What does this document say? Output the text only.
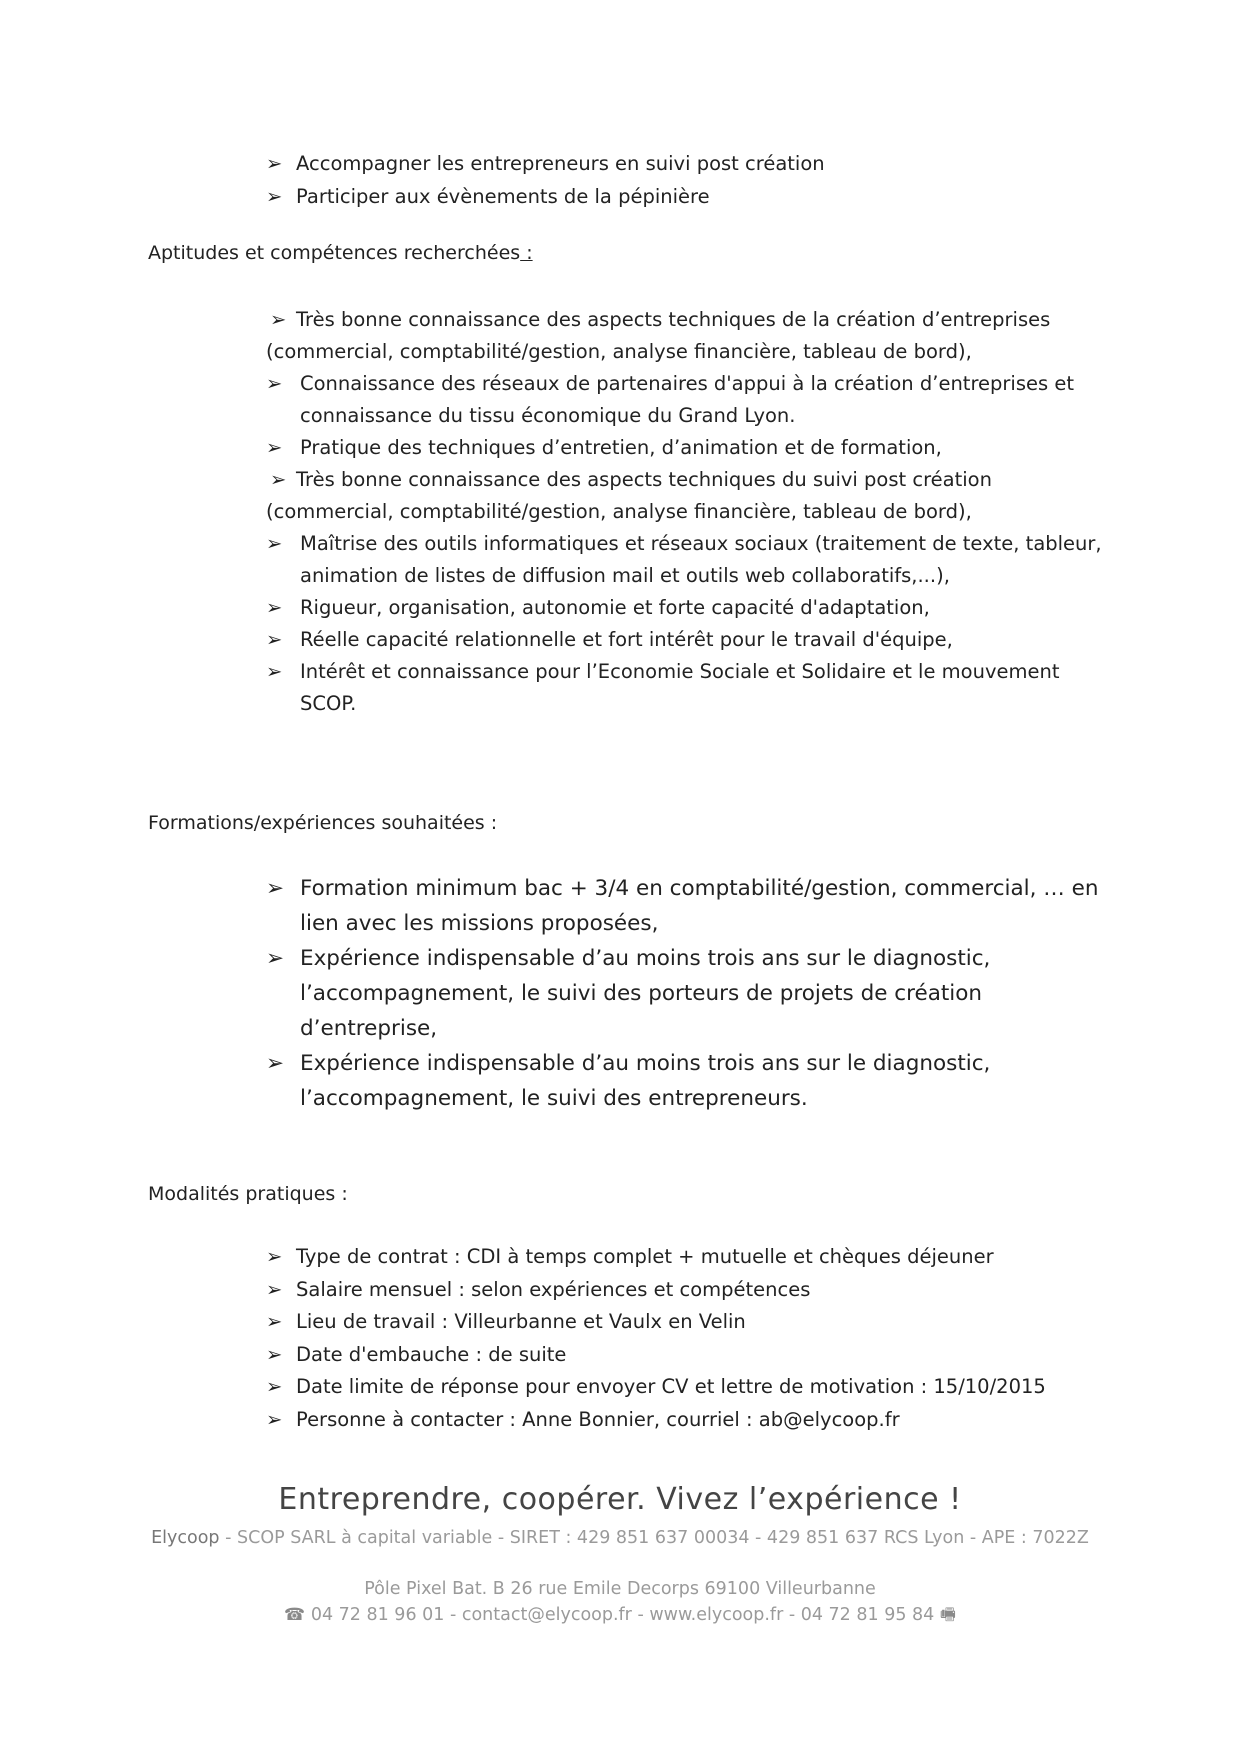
➢ Accompagner les entrepreneurs en suivi post création
➢ Participer aux évènements de la pépinière
Aptitudes et compétences recherchées :
➢ Très bonne connaissance des aspects techniques de la création d’entreprises (commercial, comptabilité/gestion, analyse financière, tableau de bord),
➢ Connaissance des réseaux de partenaires d'appui à la création d’entreprises et connaissance du tissu économique du Grand Lyon.
➢ Pratique des techniques d’entretien, d’animation et de formation,
➢ Très bonne connaissance des aspects techniques du suivi post création (commercial, comptabilité/gestion, analyse financière, tableau de bord),
➢ Maîtrise des outils informatiques et réseaux sociaux (traitement de texte, tableur, animation de listes de diffusion mail et outils web collaboratifs,...),
➢ Rigueur, organisation, autonomie et forte capacité d'adaptation,
➢ Réelle capacité relationnelle et fort intérêt pour le travail d'équipe,
➢ Intérêt et connaissance pour l’Economie Sociale et Solidaire et le mouvement SCOP.
Formations/expériences souhaitées :
➢ Formation minimum bac + 3/4 en comptabilité/gestion, commercial, … en lien avec les missions proposées,
➢ Expérience indispensable d’au moins trois ans sur le diagnostic, l’accompagnement, le suivi des porteurs de projets de création d’entreprise,
➢ Expérience indispensable d’au moins trois ans sur le diagnostic, l’accompagnement, le suivi des entrepreneurs.
Modalités pratiques :
➢ Type de contrat : CDI à temps complet + mutuelle et chèques déjeuner
➢ Salaire mensuel : selon expériences et compétences
➢ Lieu de travail : Villeurbanne et Vaulx en Velin
➢ Date d'embauche : de suite
➢ Date limite de réponse pour envoyer CV et lettre de motivation : 15/10/2015
➢ Personne à contacter : Anne Bonnier, courriel : ab@elycoop.fr
Entreprendre, coopérer. Vivez l’expérience !
Elycoop - SCOP SARL à capital variable - SIRET : 429 851 637 00034 - 429 851 637 RCS Lyon - APE : 7022Z
Pôle Pixel Bat. B 26 rue Emile Decorps 69100 Villeurbanne
☎ 04 72 81 96 01 - contact@elycoop.fr - www.elycoop.fr - 04 72 81 95 84 🖷
